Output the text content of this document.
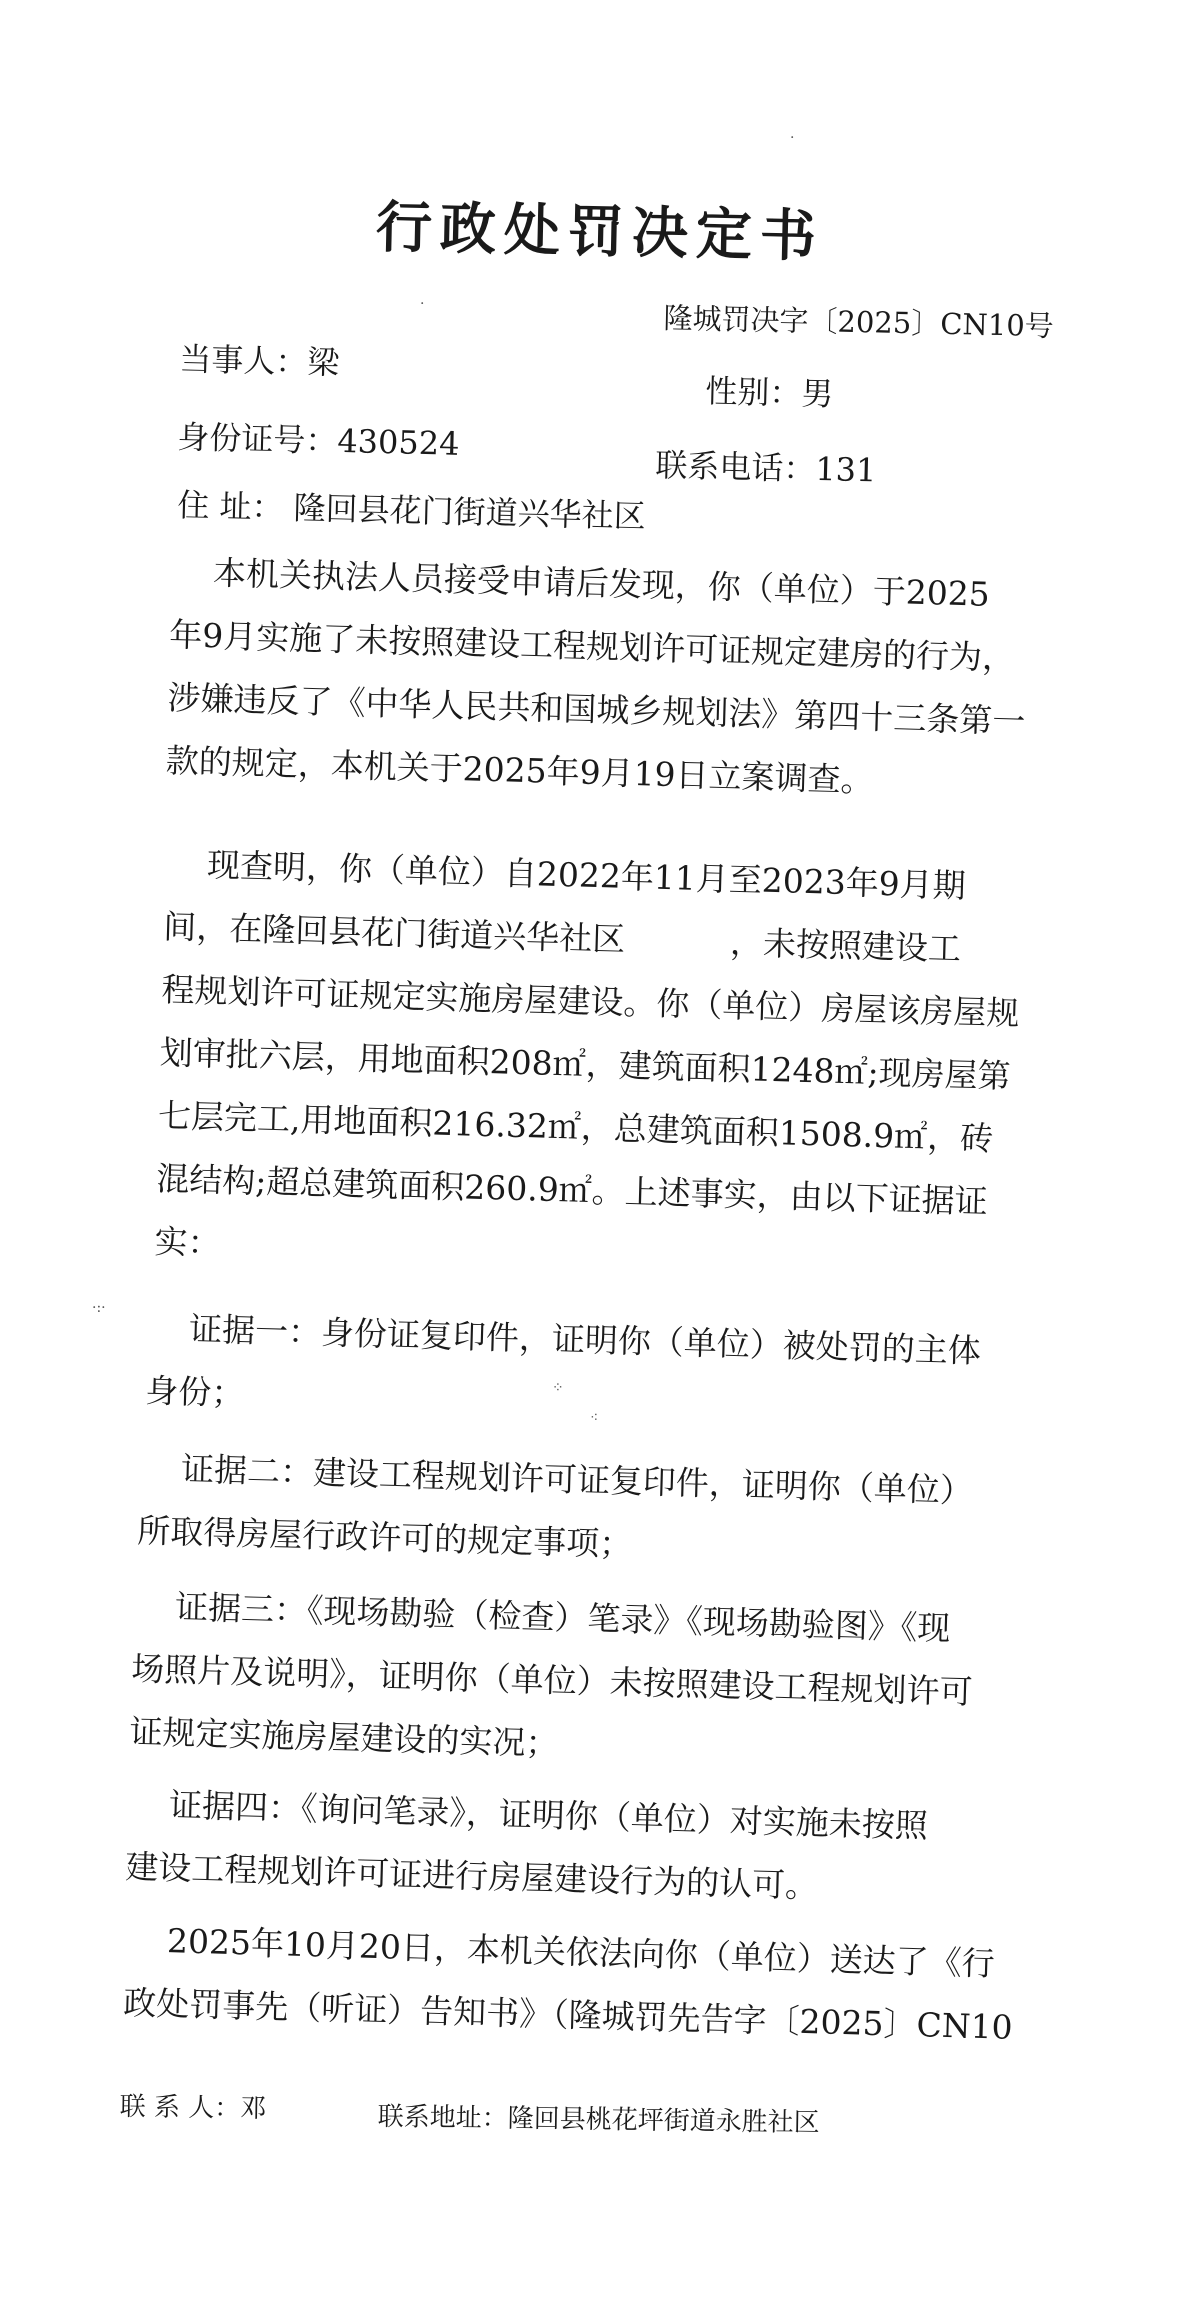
行政处罚决定书
隆城罚决字〔2025〕CN10号
当事人：梁
性别：男
身份证号：430524
联系电话：131
住 址： 隆回县花门街道兴华社区
本机关执法人员接受申请后发现，你（单位）于2025
年9月实施了未按照建设工程规划许可证规定建房的行为，
涉嫌违反了《中华人民共和国城乡规划法》第四十三条第一
款的规定，本机关于2025年9月19日立案调查。
现查明，你（单位）自2022年11月至2023年9月期
间，在隆回县花门街道兴华社区          ，未按照建设工
程规划许可证规定实施房屋建设。你（单位）房屋该房屋规
划审批六层，用地面积208㎡，建筑面积1248㎡;现房屋第
七层完工,用地面积216.32㎡，总建筑面积1508.9㎡，砖
混结构;超总建筑面积260.9㎡。上述事实，由以下证据证
实：
证据一：身份证复印件，证明你（单位）被处罚的主体
身份；
证据二：建设工程规划许可证复印件，证明你（单位）
所取得房屋行政许可的规定事项；
证据三：《现场勘验（检查）笔录》《现场勘验图》《现
场照片及说明》，证明你（单位）未按照建设工程规划许可
证规定实施房屋建设的实况；
证据四：《询问笔录》，证明你（单位）对实施未按照
建设工程规划许可证进行房屋建设行为的认可。
2025年10月20日，本机关依法向你（单位）送达了《行
政处罚事先（听证）告知书》（隆城罚先告字〔2025〕CN10
联 系 人：邓	联系地址：隆回县桃花坪街道永胜社区
·:·
⁘
⁖
·
·
